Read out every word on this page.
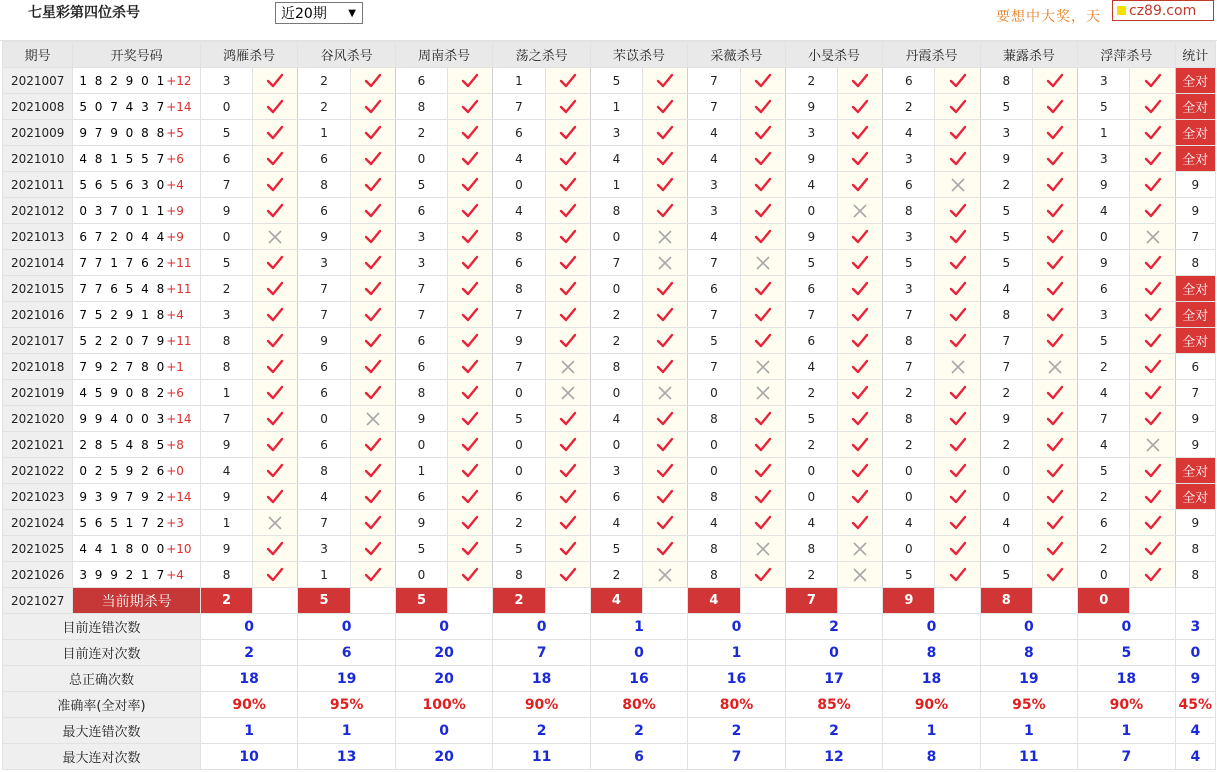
七星彩第四位杀号	近20期 ▼	要想中大奖，天	cz89.com
期号	开奖号码	鸿雁杀号		谷风杀号		周南杀号		荡之杀号		芣苡杀号		采薇杀号		小旻杀号		丹霞杀号		蒹露杀号		浮萍杀号		统计
2021007	1 8 2 9 0 1+12	3		2		6		1		5		7		2		6		8		3		全对
2021008	5 0 7 4 3 7+14	0		2		8		7		1		7		9		2		5		5		全对
2021009	9 7 9 0 8 8+5	5		1		2		6		3		4		3		4		3		1		全对
2021010	4 8 1 5 5 7+6	6		6		0		4		4		4		9		3		9		3		全对
2021011	5 6 5 6 3 0+4	7		8		5		0		1		3		4		6		2		9		9
2021012	0 3 7 0 1 1+9	9		6		6		4		8		3		0		8		5		4		9
2021013	6 7 2 0 4 4+9	0		9		3		8		0		4		9		3		5		0		7
2021014	7 7 1 7 6 2+11	5		3		3		6		7		7		5		5		5		9		8
2021015	7 7 6 5 4 8+11	2		7		7		8		0		6		6		3		4		6		全对
2021016	7 5 2 9 1 8+4	3		7		7		7		2		7		7		7		8		3		全对
2021017	5 2 2 0 7 9+11	8		9		6		9		2		5		6		8		7		5		全对
2021018	7 9 2 7 8 0+1	8		6		6		7		8		7		4		7		7		2		6
2021019	4 5 9 0 8 2+6	1		6		8		0		0		0		2		2		2		4		7
2021020	9 9 4 0 0 3+14	7		0		9		5		4		8		5		8		9		7		9
2021021	2 8 5 4 8 5+8	9		6		0		0		0		0		2		2		2		4		9
2021022	0 2 5 9 2 6+0	4		8		1		0		3		0		0		0		0		5		全对
2021023	9 3 9 7 9 2+14	9		4		6		6		6		8		0		0		0		2		全对
2021024	5 6 5 1 7 2+3	1		7		9		2		4		4		4		4		4		6		9
2021025	4 4 1 8 0 0+10	9		3		5		5		5		8		8		0		0		2		8
2021026	3 9 9 2 1 7+4	8		1		0		8		2		8		2		5		5		0		8
2021027	当前期杀号	2		5		5		2		4		4		7		9		8		0		
目前连错次数		0		0		0		0		1		0		2		0		0		0		3
目前连对次数		2		6		20		7		0		1		0		8		8		5		0
总正确次数		18		19		20		18		16		16		17		18		19		18		9
准确率(全对率)		90%		95%		100%		90%		80%		80%		85%		90%		95%		90%		45%
最大连错次数		1		1		0		2		2		2		2		1		1		1		4
最大连对次数		10		13		20		11		6		7		12		8		11		7		4
